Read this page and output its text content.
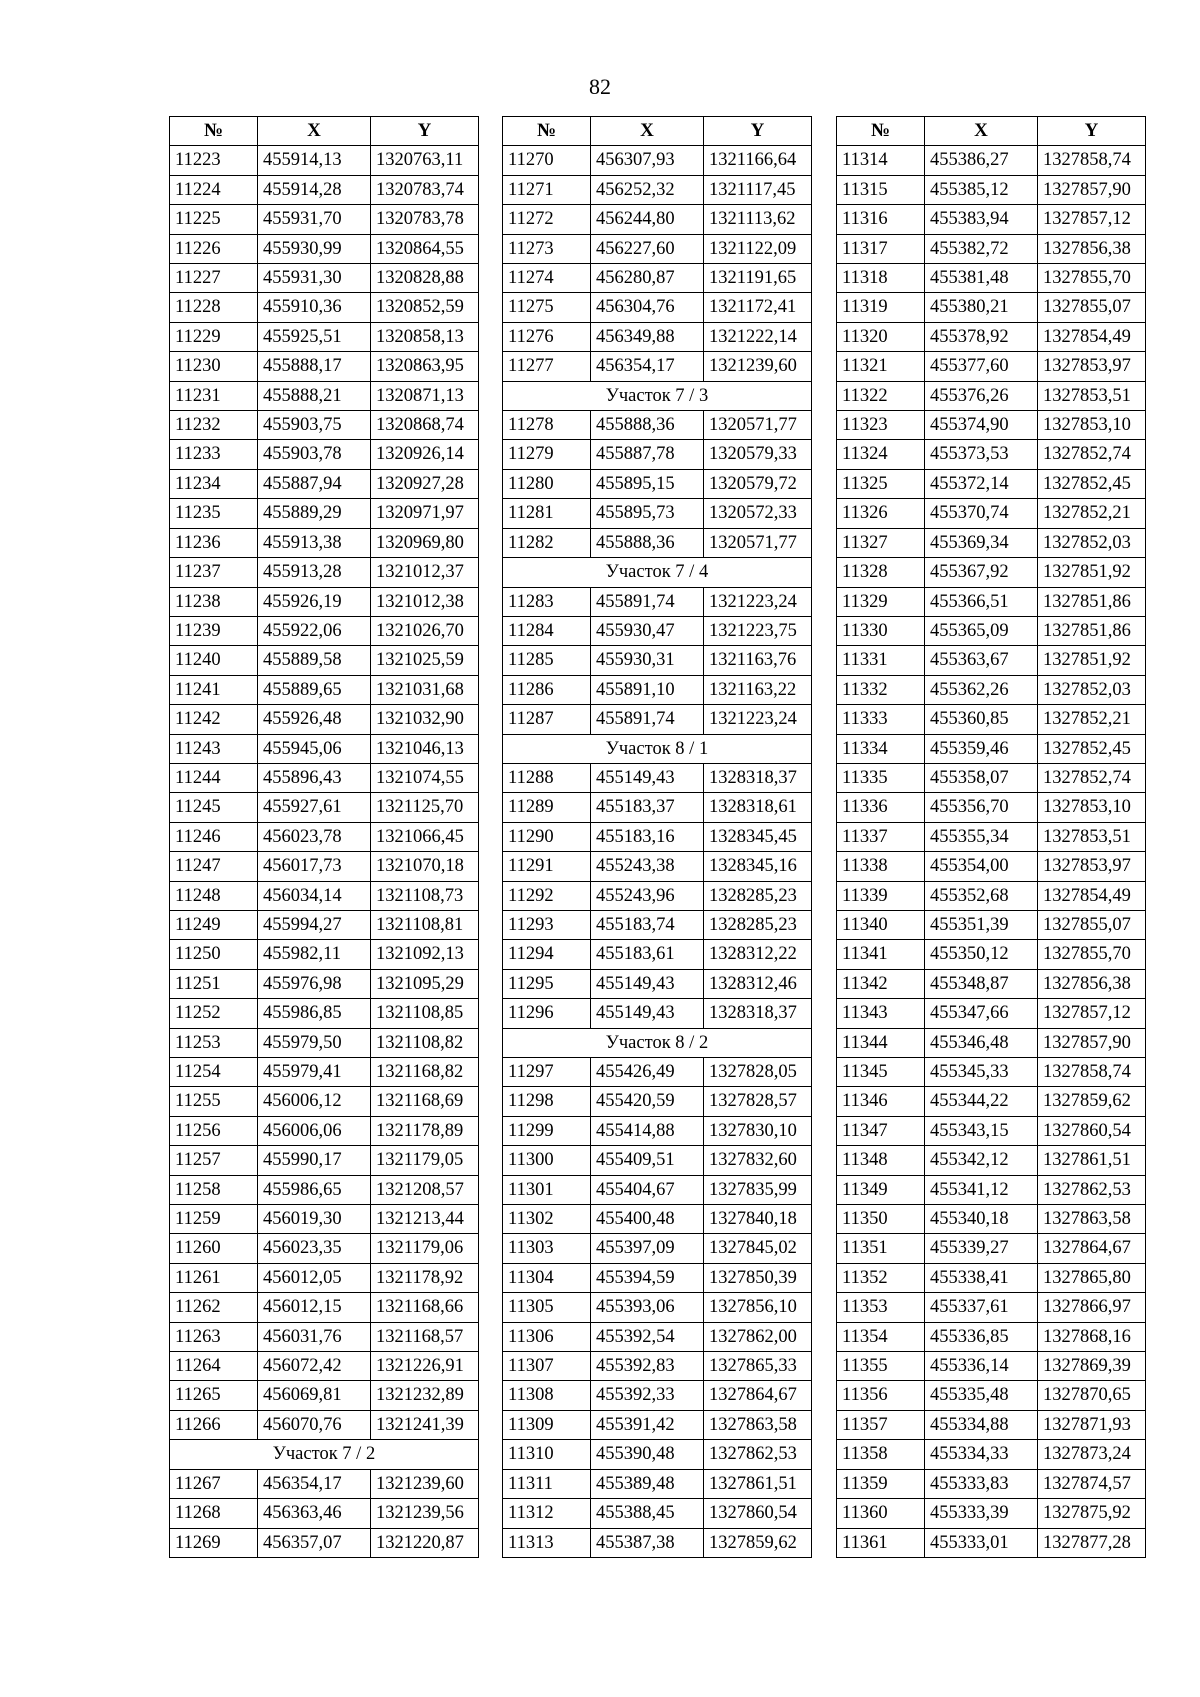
82
№	X	Y
11223	455914,13	1320763,11
11224	455914,28	1320783,74
11225	455931,70	1320783,78
11226	455930,99	1320864,55
11227	455931,30	1320828,88
11228	455910,36	1320852,59
11229	455925,51	1320858,13
11230	455888,17	1320863,95
11231	455888,21	1320871,13
11232	455903,75	1320868,74
11233	455903,78	1320926,14
11234	455887,94	1320927,28
11235	455889,29	1320971,97
11236	455913,38	1320969,80
11237	455913,28	1321012,37
11238	455926,19	1321012,38
11239	455922,06	1321026,70
11240	455889,58	1321025,59
11241	455889,65	1321031,68
11242	455926,48	1321032,90
11243	455945,06	1321046,13
11244	455896,43	1321074,55
11245	455927,61	1321125,70
11246	456023,78	1321066,45
11247	456017,73	1321070,18
11248	456034,14	1321108,73
11249	455994,27	1321108,81
11250	455982,11	1321092,13
11251	455976,98	1321095,29
11252	455986,85	1321108,85
11253	455979,50	1321108,82
11254	455979,41	1321168,82
11255	456006,12	1321168,69
11256	456006,06	1321178,89
11257	455990,17	1321179,05
11258	455986,65	1321208,57
11259	456019,30	1321213,44
11260	456023,35	1321179,06
11261	456012,05	1321178,92
11262	456012,15	1321168,66
11263	456031,76	1321168,57
11264	456072,42	1321226,91
11265	456069,81	1321232,89
11266	456070,76	1321241,39
Участок 7 / 2		
11267	456354,17	1321239,60
11268	456363,46	1321239,56
11269	456357,07	1321220,87
№	X	Y
11270	456307,93	1321166,64
11271	456252,32	1321117,45
11272	456244,80	1321113,62
11273	456227,60	1321122,09
11274	456280,87	1321191,65
11275	456304,76	1321172,41
11276	456349,88	1321222,14
11277	456354,17	1321239,60
Участок 7 / 3		
11278	455888,36	1320571,77
11279	455887,78	1320579,33
11280	455895,15	1320579,72
11281	455895,73	1320572,33
11282	455888,36	1320571,77
Участок 7 / 4		
11283	455891,74	1321223,24
11284	455930,47	1321223,75
11285	455930,31	1321163,76
11286	455891,10	1321163,22
11287	455891,74	1321223,24
Участок 8 / 1		
11288	455149,43	1328318,37
11289	455183,37	1328318,61
11290	455183,16	1328345,45
11291	455243,38	1328345,16
11292	455243,96	1328285,23
11293	455183,74	1328285,23
11294	455183,61	1328312,22
11295	455149,43	1328312,46
11296	455149,43	1328318,37
Участок 8 / 2		
11297	455426,49	1327828,05
11298	455420,59	1327828,57
11299	455414,88	1327830,10
11300	455409,51	1327832,60
11301	455404,67	1327835,99
11302	455400,48	1327840,18
11303	455397,09	1327845,02
11304	455394,59	1327850,39
11305	455393,06	1327856,10
11306	455392,54	1327862,00
11307	455392,83	1327865,33
11308	455392,33	1327864,67
11309	455391,42	1327863,58
11310	455390,48	1327862,53
11311	455389,48	1327861,51
11312	455388,45	1327860,54
11313	455387,38	1327859,62
№	X	Y
11314	455386,27	1327858,74
11315	455385,12	1327857,90
11316	455383,94	1327857,12
11317	455382,72	1327856,38
11318	455381,48	1327855,70
11319	455380,21	1327855,07
11320	455378,92	1327854,49
11321	455377,60	1327853,97
11322	455376,26	1327853,51
11323	455374,90	1327853,10
11324	455373,53	1327852,74
11325	455372,14	1327852,45
11326	455370,74	1327852,21
11327	455369,34	1327852,03
11328	455367,92	1327851,92
11329	455366,51	1327851,86
11330	455365,09	1327851,86
11331	455363,67	1327851,92
11332	455362,26	1327852,03
11333	455360,85	1327852,21
11334	455359,46	1327852,45
11335	455358,07	1327852,74
11336	455356,70	1327853,10
11337	455355,34	1327853,51
11338	455354,00	1327853,97
11339	455352,68	1327854,49
11340	455351,39	1327855,07
11341	455350,12	1327855,70
11342	455348,87	1327856,38
11343	455347,66	1327857,12
11344	455346,48	1327857,90
11345	455345,33	1327858,74
11346	455344,22	1327859,62
11347	455343,15	1327860,54
11348	455342,12	1327861,51
11349	455341,12	1327862,53
11350	455340,18	1327863,58
11351	455339,27	1327864,67
11352	455338,41	1327865,80
11353	455337,61	1327866,97
11354	455336,85	1327868,16
11355	455336,14	1327869,39
11356	455335,48	1327870,65
11357	455334,88	1327871,93
11358	455334,33	1327873,24
11359	455333,83	1327874,57
11360	455333,39	1327875,92
11361	455333,01	1327877,28
